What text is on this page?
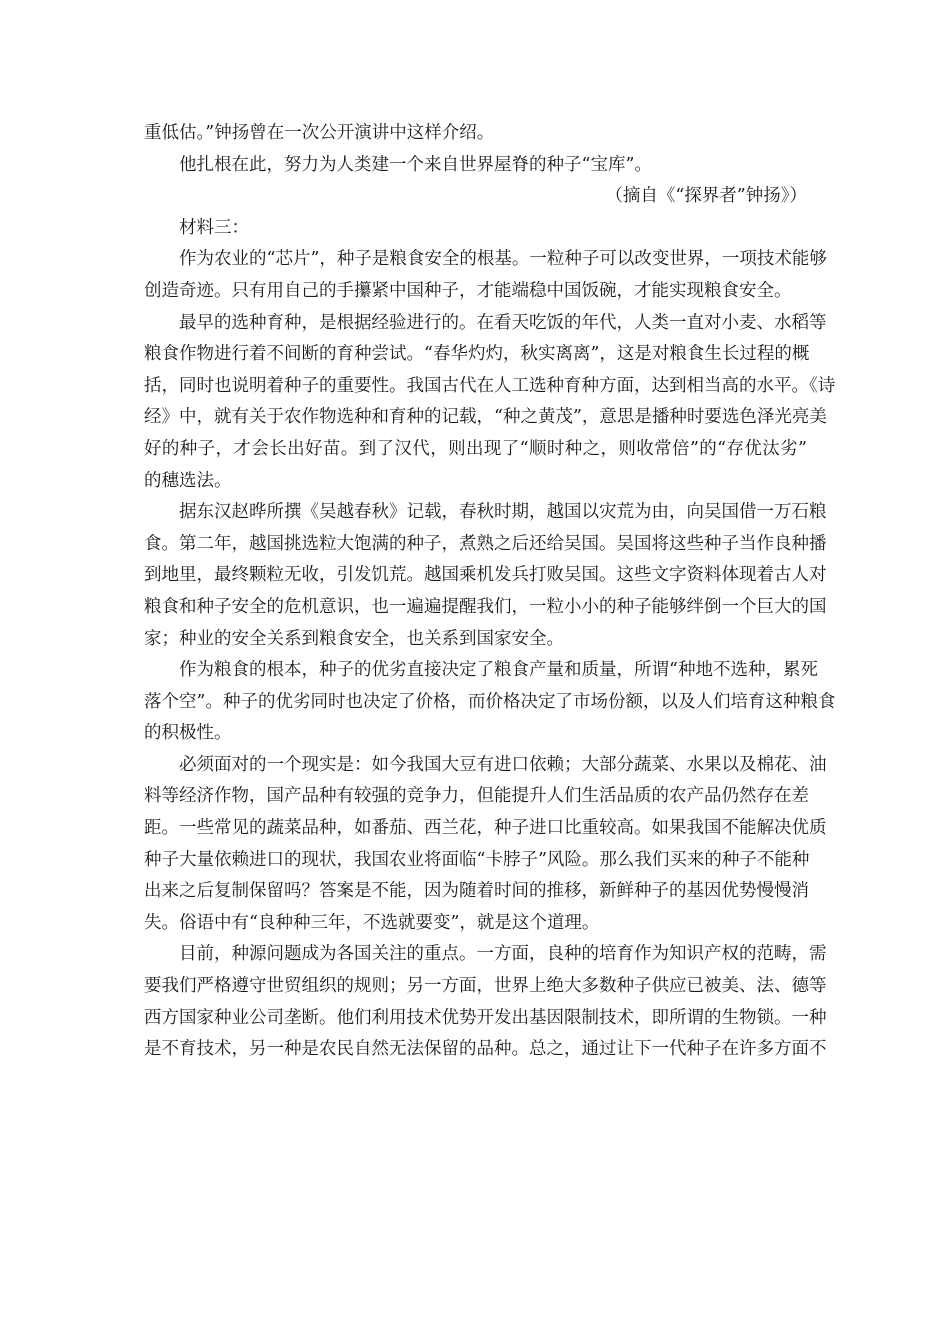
重低估。”钟扬曾在一次公开演讲中这样介绍。
他扎根在此，努力为人类建一个来自世界屋脊的种子“宝库”。
（摘自《“探界者”钟扬》）
材料三：
作为农业的“芯片”，种子是粮食安全的根基。一粒种子可以改变世界，一项技术能够
创造奇迹。只有用自己的手攥紧中国种子，才能端稳中国饭碗，才能实现粮食安全。
最早的选种育种，是根据经验进行的。在看天吃饭的年代，人类一直对小麦、水稻等
粮食作物进行着不间断的育种尝试。“春华灼灼，秋实离离”，这是对粮食生长过程的概
括，同时也说明着种子的重要性。我国古代在人工选种育种方面，达到相当高的水平。《诗
经》中，就有关于农作物选种和育种的记载，“种之黄茂”，意思是播种时要选色泽光亮美
好的种子，才会长出好苗。到了汉代，则出现了“顺时种之，则收常倍”的“存优汰劣”
的穗选法。
据东汉赵晔所撰《吴越春秋》记载，春秋时期，越国以灾荒为由，向吴国借一万石粮
食。第二年，越国挑选粒大饱满的种子，煮熟之后还给吴国。吴国将这些种子当作良种播
到地里，最终颗粒无收，引发饥荒。越国乘机发兵打败吴国。这些文字资料体现着古人对
粮食和种子安全的危机意识，也一遍遍提醒我们，一粒小小的种子能够绊倒一个巨大的国
家；种业的安全关系到粮食安全，也关系到国家安全。
作为粮食的根本，种子的优劣直接决定了粮食产量和质量，所谓“种地不选种，累死
落个空”。种子的优劣同时也决定了价格，而价格决定了市场份额，以及人们培育这种粮食
的积极性。
必须面对的一个现实是：如今我国大豆有进口依赖；大部分蔬菜、水果以及棉花、油
料等经济作物，国产品种有较强的竞争力，但能提升人们生活品质的农产品仍然存在差
距。一些常见的蔬菜品种，如番茄、西兰花，种子进口比重较高。如果我国不能解决优质
种子大量依赖进口的现状，我国农业将面临“卡脖子”风险。那么我们买来的种子不能种
出来之后复制保留吗？答案是不能，因为随着时间的推移，新鲜种子的基因优势慢慢消
失。俗语中有“良种种三年，不选就要变”，就是这个道理。
目前，种源问题成为各国关注的重点。一方面，良种的培育作为知识产权的范畴，需
要我们严格遵守世贸组织的规则；另一方面，世界上绝大多数种子供应已被美、法、德等
西方国家种业公司垄断。他们利用技术优势开发出基因限制技术，即所谓的生物锁。一种
是不育技术，另一种是农民自然无法保留的品种。总之，通过让下一代种子在许多方面不
